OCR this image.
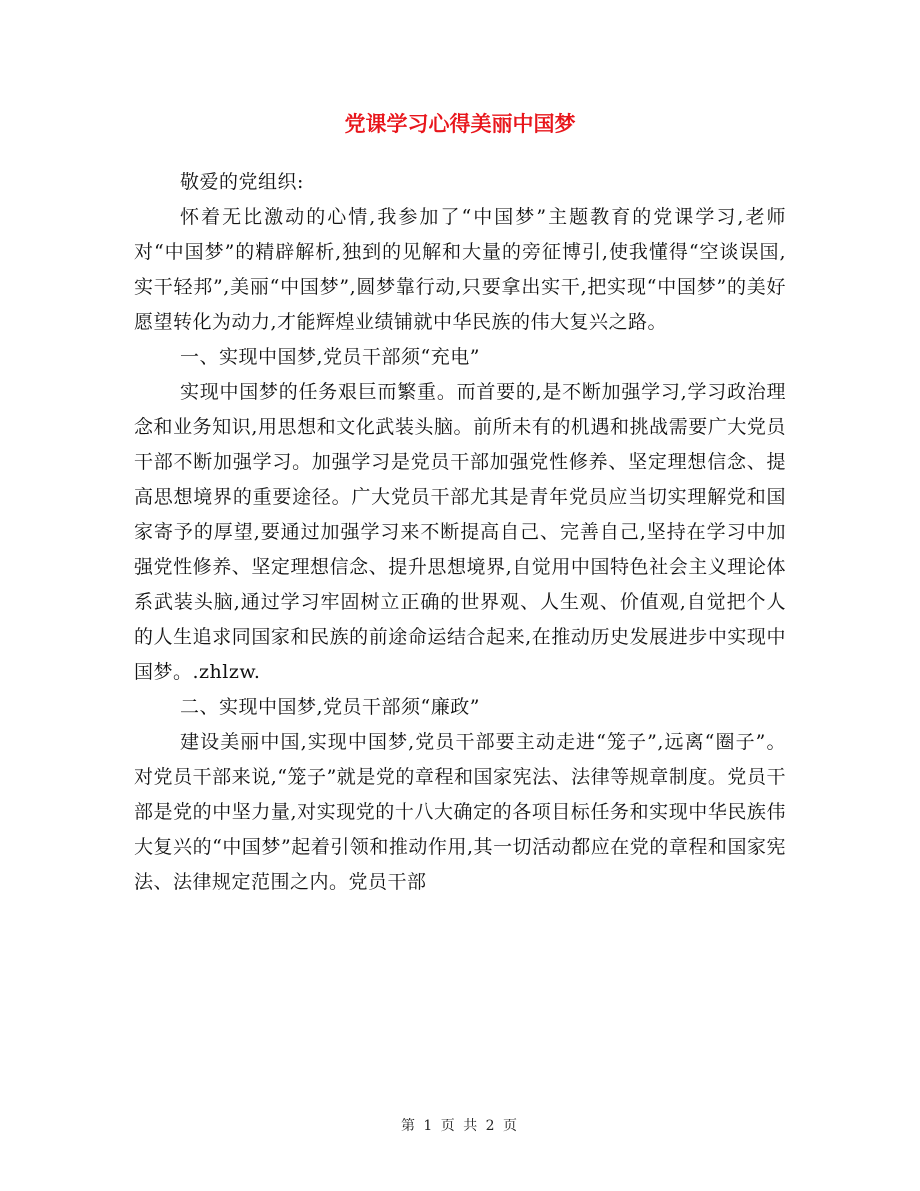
党课学习心得美丽中国梦

敬爱的党组织:

怀着无比激动的心情,我参加了“中国梦”主题教育的党课学习,老师对“中国梦”的精辟解析,独到的见解和大量的旁征博引,使我懂得“空谈误国,实干轻邦”,美丽“中国梦”,圆梦靠行动,只要拿出实干,把实现“中国梦”的美好愿望转化为动力,才能辉煌业绩铺就中华民族的伟大复兴之路。

一、实现中国梦,党员干部须“充电”

实现中国梦的任务艰巨而繁重。而首要的,是不断加强学习,学习政治理念和业务知识,用思想和文化武装头脑。前所未有的机遇和挑战需要广大党员干部不断加强学习。加强学习是党员干部加强党性修养、坚定理想信念、提高思想境界的重要途径。广大党员干部尤其是青年党员应当切实理解党和国家寄予的厚望,要通过加强学习来不断提高自己、完善自己,坚持在学习中加强党性修养、坚定理想信念、提升思想境界,自觉用中国特色社会主义理论体系武装头脑,通过学习牢固树立正确的世界观、人生观、价值观,自觉把个人的人生追求同国家和民族的前途命运结合起来,在推动历史发展进步中实现中国梦。.zhlzw.

二、实现中国梦,党员干部须“廉政”

建设美丽中国,实现中国梦,党员干部要主动走进“笼子”,远离“圈子”。对党员干部来说,“笼子”就是党的章程和国家宪法、法律等规章制度。党员干部是党的中坚力量,对实现党的十八大确定的各项目标任务和实现中华民族伟大复兴的“中国梦”起着引领和推动作用,其一切活动都应在党的章程和国家宪法、法律规定范围之内。党员干部

第 1 页 共 2 页
